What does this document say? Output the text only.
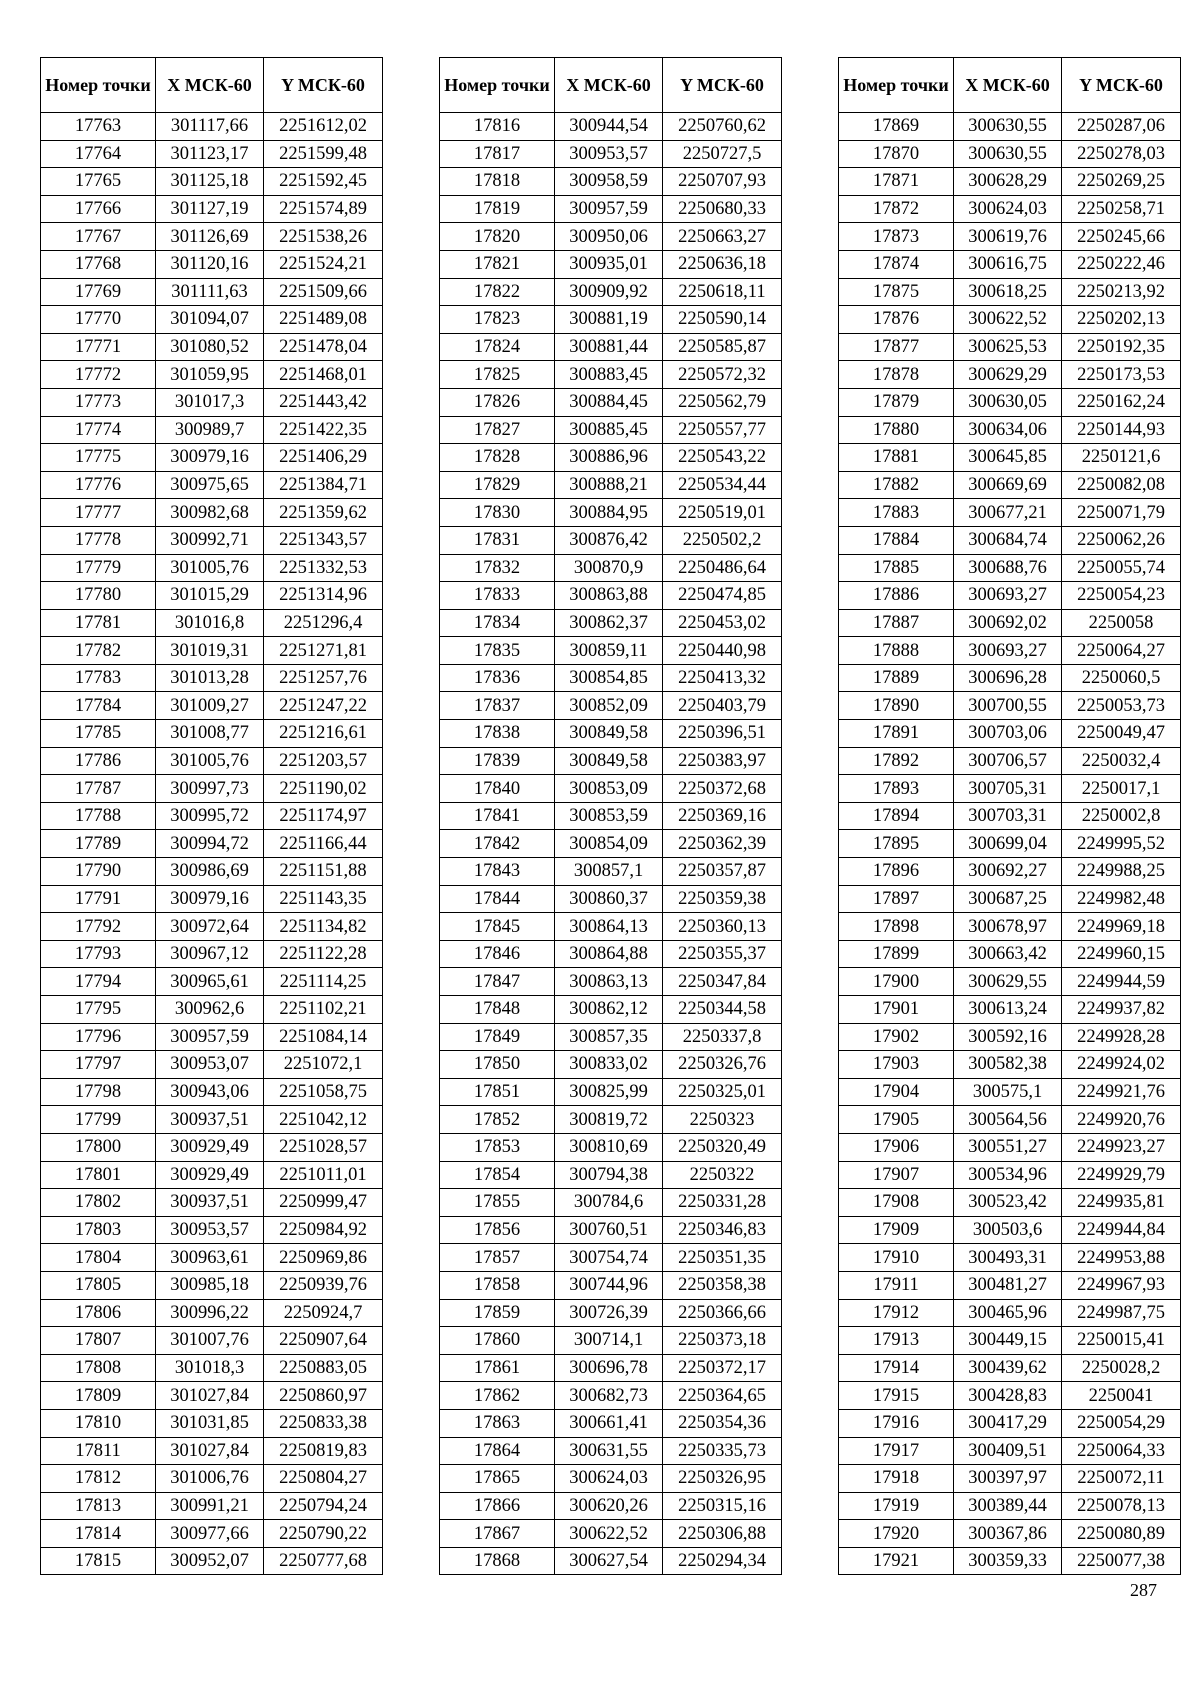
Номер точки	X МСК-60	Y МСК-60
17763	301117,66	2251612,02
17764	301123,17	2251599,48
17765	301125,18	2251592,45
17766	301127,19	2251574,89
17767	301126,69	2251538,26
17768	301120,16	2251524,21
17769	301111,63	2251509,66
17770	301094,07	2251489,08
17771	301080,52	2251478,04
17772	301059,95	2251468,01
17773	301017,3	2251443,42
17774	300989,7	2251422,35
17775	300979,16	2251406,29
17776	300975,65	2251384,71
17777	300982,68	2251359,62
17778	300992,71	2251343,57
17779	301005,76	2251332,53
17780	301015,29	2251314,96
17781	301016,8	2251296,4
17782	301019,31	2251271,81
17783	301013,28	2251257,76
17784	301009,27	2251247,22
17785	301008,77	2251216,61
17786	301005,76	2251203,57
17787	300997,73	2251190,02
17788	300995,72	2251174,97
17789	300994,72	2251166,44
17790	300986,69	2251151,88
17791	300979,16	2251143,35
17792	300972,64	2251134,82
17793	300967,12	2251122,28
17794	300965,61	2251114,25
17795	300962,6	2251102,21
17796	300957,59	2251084,14
17797	300953,07	2251072,1
17798	300943,06	2251058,75
17799	300937,51	2251042,12
17800	300929,49	2251028,57
17801	300929,49	2251011,01
17802	300937,51	2250999,47
17803	300953,57	2250984,92
17804	300963,61	2250969,86
17805	300985,18	2250939,76
17806	300996,22	2250924,7
17807	301007,76	2250907,64
17808	301018,3	2250883,05
17809	301027,84	2250860,97
17810	301031,85	2250833,38
17811	301027,84	2250819,83
17812	301006,76	2250804,27
17813	300991,21	2250794,24
17814	300977,66	2250790,22
17815	300952,07	2250777,68
Номер точки	X МСК-60	Y МСК-60
17816	300944,54	2250760,62
17817	300953,57	2250727,5
17818	300958,59	2250707,93
17819	300957,59	2250680,33
17820	300950,06	2250663,27
17821	300935,01	2250636,18
17822	300909,92	2250618,11
17823	300881,19	2250590,14
17824	300881,44	2250585,87
17825	300883,45	2250572,32
17826	300884,45	2250562,79
17827	300885,45	2250557,77
17828	300886,96	2250543,22
17829	300888,21	2250534,44
17830	300884,95	2250519,01
17831	300876,42	2250502,2
17832	300870,9	2250486,64
17833	300863,88	2250474,85
17834	300862,37	2250453,02
17835	300859,11	2250440,98
17836	300854,85	2250413,32
17837	300852,09	2250403,79
17838	300849,58	2250396,51
17839	300849,58	2250383,97
17840	300853,09	2250372,68
17841	300853,59	2250369,16
17842	300854,09	2250362,39
17843	300857,1	2250357,87
17844	300860,37	2250359,38
17845	300864,13	2250360,13
17846	300864,88	2250355,37
17847	300863,13	2250347,84
17848	300862,12	2250344,58
17849	300857,35	2250337,8
17850	300833,02	2250326,76
17851	300825,99	2250325,01
17852	300819,72	2250323
17853	300810,69	2250320,49
17854	300794,38	2250322
17855	300784,6	2250331,28
17856	300760,51	2250346,83
17857	300754,74	2250351,35
17858	300744,96	2250358,38
17859	300726,39	2250366,66
17860	300714,1	2250373,18
17861	300696,78	2250372,17
17862	300682,73	2250364,65
17863	300661,41	2250354,36
17864	300631,55	2250335,73
17865	300624,03	2250326,95
17866	300620,26	2250315,16
17867	300622,52	2250306,88
17868	300627,54	2250294,34
Номер точки	X МСК-60	Y МСК-60
17869	300630,55	2250287,06
17870	300630,55	2250278,03
17871	300628,29	2250269,25
17872	300624,03	2250258,71
17873	300619,76	2250245,66
17874	300616,75	2250222,46
17875	300618,25	2250213,92
17876	300622,52	2250202,13
17877	300625,53	2250192,35
17878	300629,29	2250173,53
17879	300630,05	2250162,24
17880	300634,06	2250144,93
17881	300645,85	2250121,6
17882	300669,69	2250082,08
17883	300677,21	2250071,79
17884	300684,74	2250062,26
17885	300688,76	2250055,74
17886	300693,27	2250054,23
17887	300692,02	2250058
17888	300693,27	2250064,27
17889	300696,28	2250060,5
17890	300700,55	2250053,73
17891	300703,06	2250049,47
17892	300706,57	2250032,4
17893	300705,31	2250017,1
17894	300703,31	2250002,8
17895	300699,04	2249995,52
17896	300692,27	2249988,25
17897	300687,25	2249982,48
17898	300678,97	2249969,18
17899	300663,42	2249960,15
17900	300629,55	2249944,59
17901	300613,24	2249937,82
17902	300592,16	2249928,28
17903	300582,38	2249924,02
17904	300575,1	2249921,76
17905	300564,56	2249920,76
17906	300551,27	2249923,27
17907	300534,96	2249929,79
17908	300523,42	2249935,81
17909	300503,6	2249944,84
17910	300493,31	2249953,88
17911	300481,27	2249967,93
17912	300465,96	2249987,75
17913	300449,15	2250015,41
17914	300439,62	2250028,2
17915	300428,83	2250041
17916	300417,29	2250054,29
17917	300409,51	2250064,33
17918	300397,97	2250072,11
17919	300389,44	2250078,13
17920	300367,86	2250080,89
17921	300359,33	2250077,38
287
